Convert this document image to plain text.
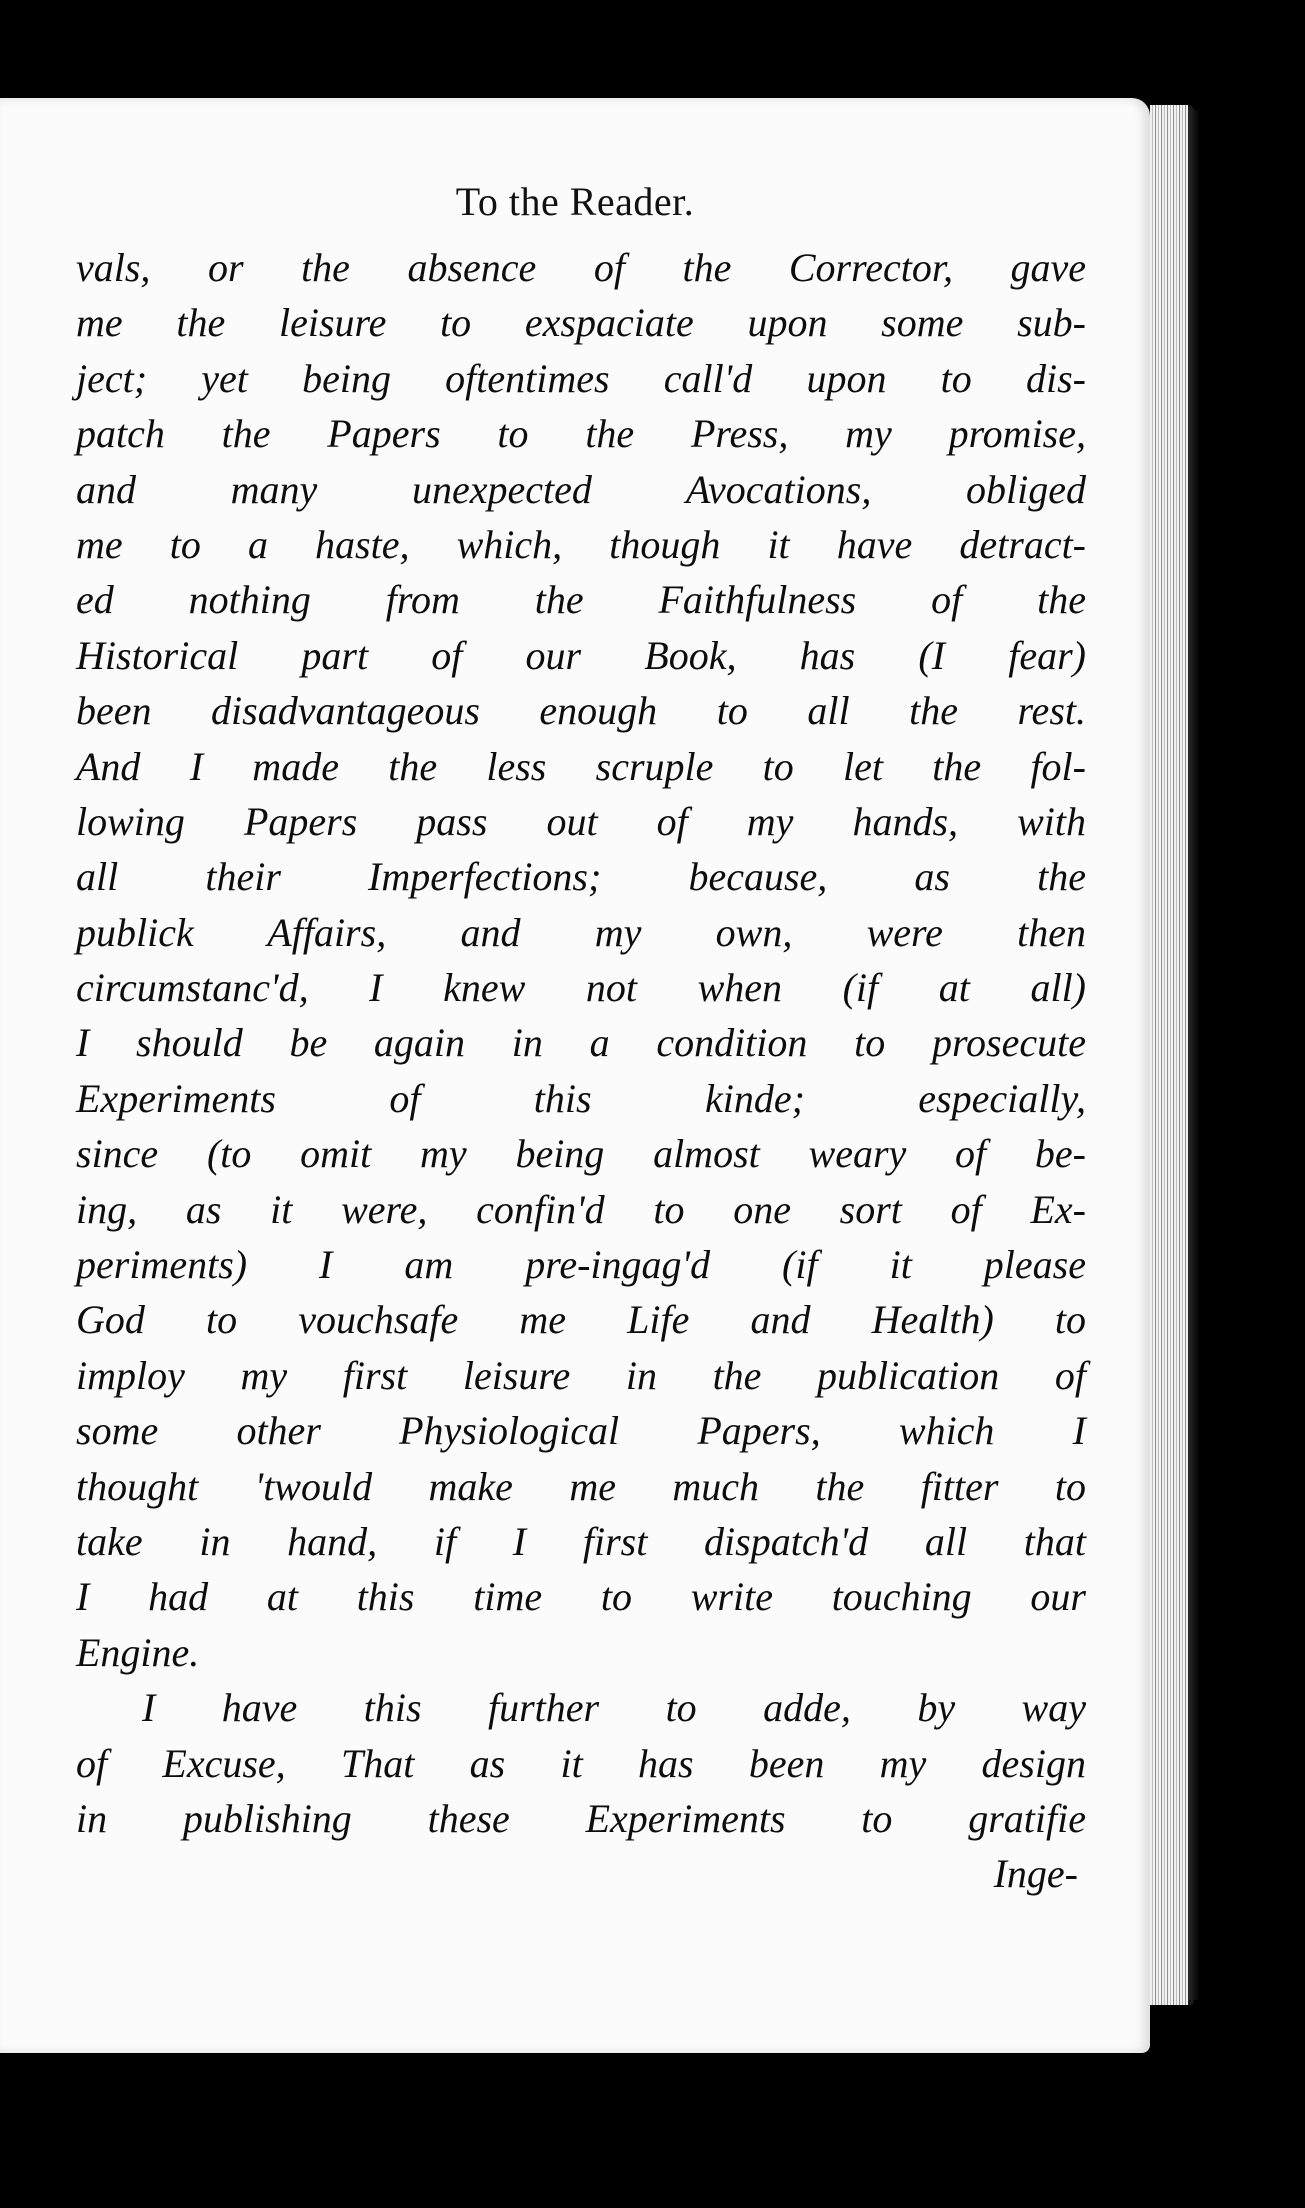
To the Reader.
vals, or the absence of the Corrector, gave
me the leisure to exspaciate upon some sub-
ject; yet being oftentimes call'd upon to dis-
patch the Papers to the Press, my promise,
and many unexpected Avocations, obliged
me to a haste, which, though it have detract-
ed nothing from the Faithfulness of the
Historical part of our Book, has (I fear)
been disadvantageous enough to all the rest.
And I made the less scruple to let the fol-
lowing Papers pass out of my hands, with
all their Imperfections; because, as the
publick Affairs, and my own, were then
circumstanc'd, I knew not when (if at all)
I should be again in a condition to prosecute
Experiments of this kinde; especially,
since (to omit my being almost weary of be-
ing, as it were, confin'd to one sort of Ex-
periments) I am pre-ingag'd (if it please
God to vouchsafe me Life and Health) to
imploy my first leisure in the publication of
some other Physiological Papers, which I
thought 'twould make me much the fitter to
take in hand, if I first dispatch'd all that
I had at this time to write touching our
Engine.
I have this further to adde, by way
of Excuse, That as it has been my design
in publishing these Experiments to gratifie
Inge-
